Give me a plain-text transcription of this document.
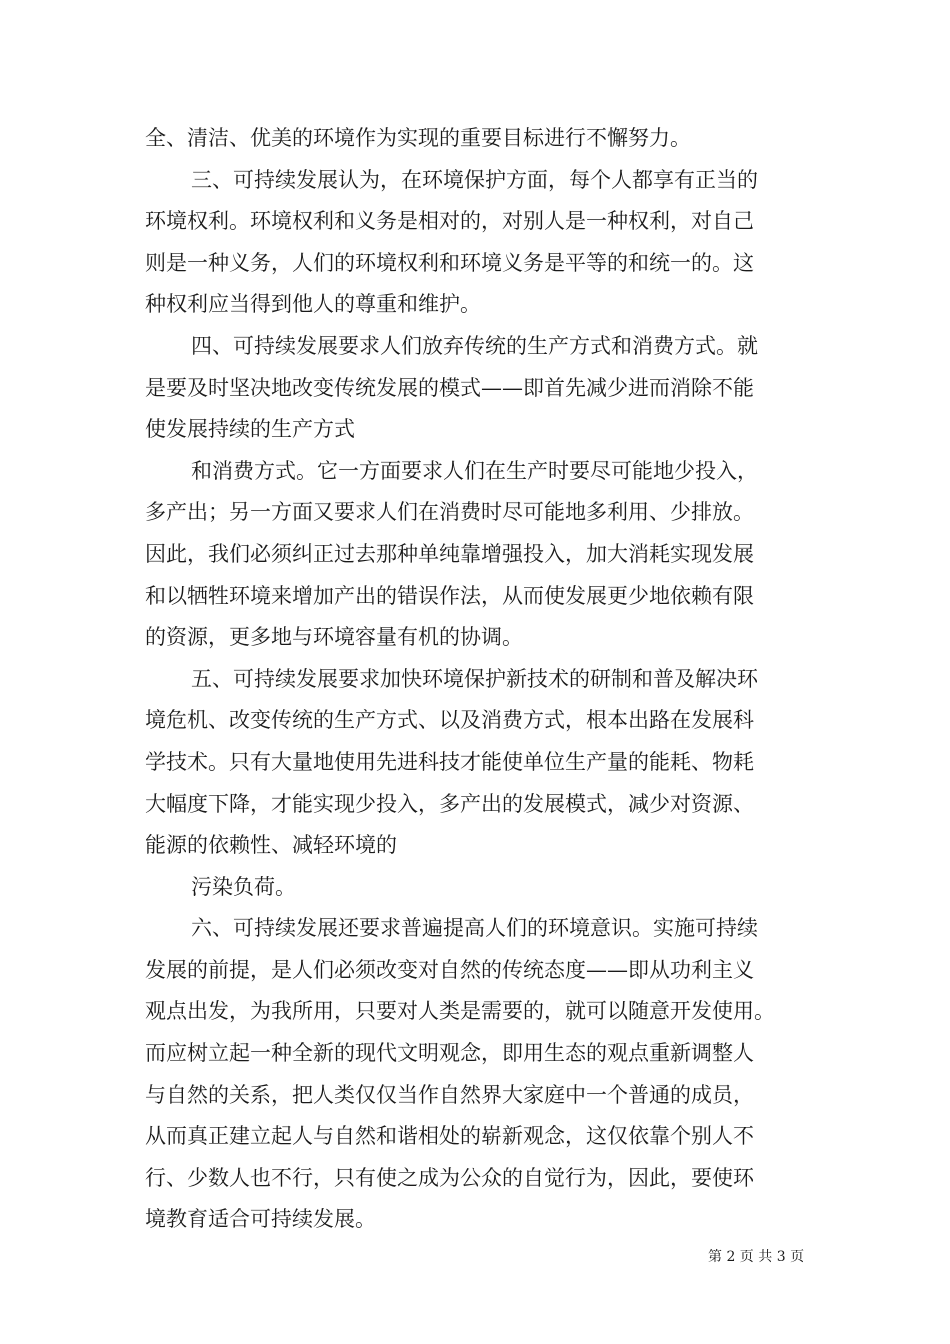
全、清洁、优美的环境作为实现的重要目标进行不懈努力。
三、可持续发展认为，在环境保护方面，每个人都享有正当的
环境权利。环境权利和义务是相对的，对别人是一种权利，对自己
则是一种义务，人们的环境权利和环境义务是平等的和统一的。这
种权利应当得到他人的尊重和维护。
四、可持续发展要求人们放弃传统的生产方式和消费方式。就
是要及时坚决地改变传统发展的模式——即首先减少进而消除不能
使发展持续的生产方式
和消费方式。它一方面要求人们在生产时要尽可能地少投入，
多产出；另一方面又要求人们在消费时尽可能地多利用、少排放。
因此，我们必须纠正过去那种单纯靠增强投入，加大消耗实现发展
和以牺牲环境来增加产出的错误作法，从而使发展更少地依赖有限
的资源，更多地与环境容量有机的协调。
五、可持续发展要求加快环境保护新技术的研制和普及解决环
境危机、改变传统的生产方式、以及消费方式，根本出路在发展科
学技术。只有大量地使用先进科技才能使单位生产量的能耗、物耗
大幅度下降，才能实现少投入，多产出的发展模式，减少对资源、
能源的依赖性、减轻环境的
污染负荷。
六、可持续发展还要求普遍提高人们的环境意识。实施可持续
发展的前提，是人们必须改变对自然的传统态度——即从功利主义
观点出发，为我所用，只要对人类是需要的，就可以随意开发使用。
而应树立起一种全新的现代文明观念，即用生态的观点重新调整人
与自然的关系，把人类仅仅当作自然界大家庭中一个普通的成员，
从而真正建立起人与自然和谐相处的崭新观念，这仅依靠个别人不
行、少数人也不行，只有使之成为公众的自觉行为，因此，要使环
境教育适合可持续发展。
第 2 页 共 3 页
